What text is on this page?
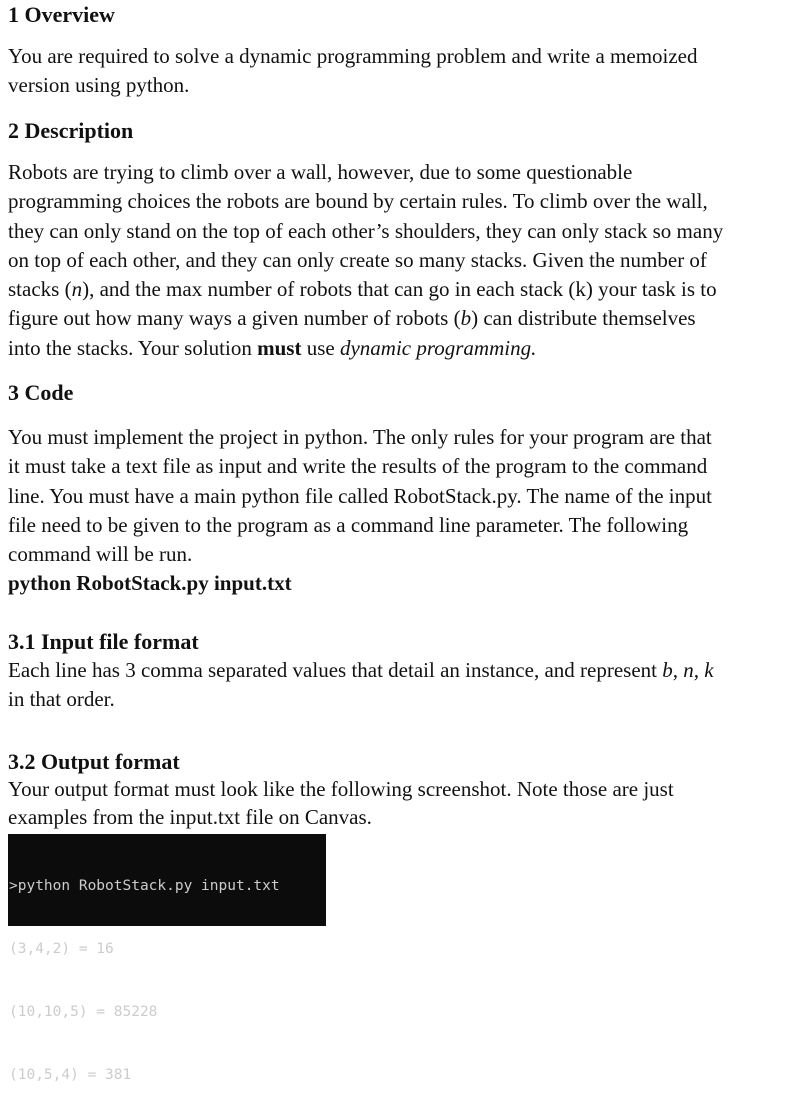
1 Overview

You are required to solve a dynamic programming problem and write a memoized

version using python.

2 Description

Robots are trying to climb over a wall, however, due to some questionable

programming choices the robots are bound by certain rules. To climb over the wall,

they can only stand on the top of each other’s shoulders, they can only stack so many

on top of each other, and they can only create so many stacks. Given the number of

stacks (n), and the max number of robots that can go in each stack (k) your task is to

figure out how many ways a given number of robots (b) can distribute themselves

into the stacks. Your solution must use dynamic programming.

3 Code

You must implement the project in python. The only rules for your program are that

it must take a text file as input and write the results of the program to the command

line. You must have a main python file called RobotStack.py. The name of the input

file need to be given to the program as a command line parameter. The following

command will be run.

python RobotStack.py input.txt

3.1 Input file format

Each line has 3 comma separated values that detail an instance, and represent b, n, k

in that order.

3.2 Output format

Your output format must look like the following screenshot. Note those are just

examples from the input.txt file on Canvas.

>python RobotStack.py input.txt

(3,4,2) = 16

(10,10,5) = 85228

(10,5,4) = 381
